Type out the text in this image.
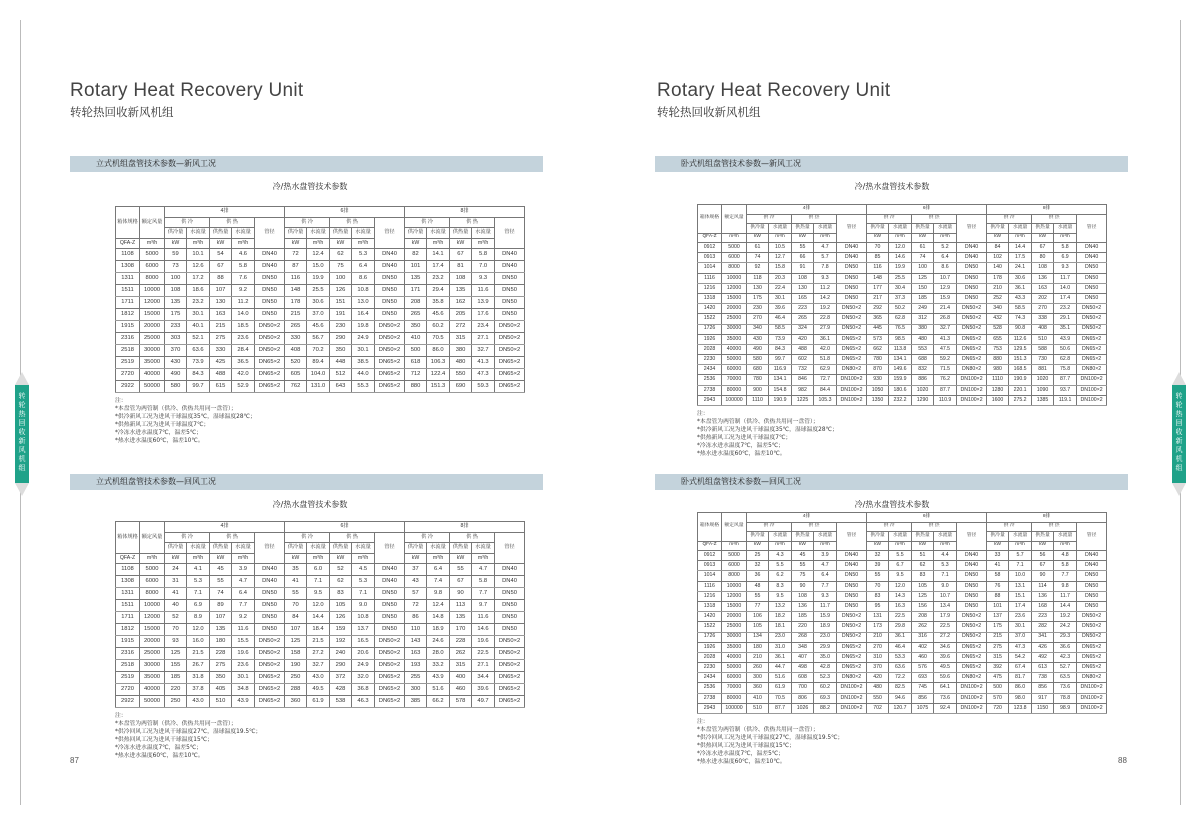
转
轮
热
回
收
新
风
机
组
Rotary Heat Recovery Unit
转轮热回收新风机组
87
立式机组盘管技术参数—新风工况
冷/热水盘管技术参数
箱体规格	额定风量	4排					6排					8排				
		供 冷		供 热		管径	供 冷		供 热		管径	供 冷		供 热		管径
		供冷量	水流量	供热量	水流量		供冷量	水流量	供热量	水流量		供冷量	水流量	供热量	水流量	
QFA-Z	m³/h	kW	m³/h	kW	m³/h		kW	m³/h	kW	m³/h		kW	m³/h	kW	m³/h	
1108	5000	59	10.1	54	4.6	DN40	72	12.4	62	5.3	DN40	82	14.1	67	5.8	DN40
1308	6000	73	12.6	67	5.8	DN40	87	15.0	75	6.4	DN40	101	17.4	81	7.0	DN40
1311	8000	100	17.2	88	7.6	DN50	116	19.9	100	8.6	DN50	135	23.2	108	9.3	DN50
1511	10000	108	18.6	107	9.2	DN50	148	25.5	126	10.8	DN50	171	29.4	135	11.6	DN50
1711	12000	135	23.2	130	11.2	DN50	178	30.6	151	13.0	DN50	208	35.8	162	13.9	DN50
1812	15000	175	30.1	163	14.0	DN50	215	37.0	191	16.4	DN50	265	45.6	205	17.6	DN50
1915	20000	233	40.1	215	18.5	DN50×2	265	45.6	230	19.8	DN50×2	350	60.2	272	23.4	DN50×2
2316	25000	303	52.1	275	23.6	DN50×2	330	56.7	290	24.9	DN50×2	410	70.5	315	27.1	DN50×2
2518	30000	370	63.6	330	28.4	DN50×2	408	70.2	350	30.1	DN50×2	500	86.0	380	32.7	DN50×2
2519	35000	430	73.9	425	36.5	DN65×2	520	89.4	448	38.5	DN65×2	618	106.3	480	41.3	DN65×2
2720	40000	490	84.3	488	42.0	DN65×2	605	104.0	512	44.0	DN65×2	712	122.4	550	47.3	DN65×2
2922	50000	580	99.7	615	52.9	DN65×2	762	131.0	643	55.3	DN65×2	880	151.3	690	59.3	DN65×2
注：
*本盘管为两管制（供冷、供热共用同一盘管）；
*供冷新风工况为进风干球温度35℃，湿球温度28℃；
*供热新风工况为进风干球温度7℃；
*冷冻水进水温度7℃，温差5℃；
*热水进水温度60℃，温差10℃。
立式机组盘管技术参数—回风工况
冷/热水盘管技术参数
箱体规格	额定风量	4排					6排					8排				
		供 冷		供 热		管径	供 冷		供 热		管径	供 冷		供 热		管径
		供冷量	水流量	供热量	水流量		供冷量	水流量	供热量	水流量		供冷量	水流量	供热量	水流量	
QFA-Z	m³/h	kW	m³/h	kW	m³/h		kW	m³/h	kW	m³/h		kW	m³/h	kW	m³/h	
1108	5000	24	4.1	45	3.9	DN40	35	6.0	52	4.5	DN40	37	6.4	55	4.7	DN40
1308	6000	31	5.3	55	4.7	DN40	41	7.1	62	5.3	DN40	43	7.4	67	5.8	DN40
1311	8000	41	7.1	74	6.4	DN50	55	9.5	83	7.1	DN50	57	9.8	90	7.7	DN50
1511	10000	40	6.9	89	7.7	DN50	70	12.0	105	9.0	DN50	72	12.4	113	9.7	DN50
1711	12000	52	8.9	107	9.2	DN50	84	14.4	126	10.8	DN50	86	14.8	135	11.6	DN50
1812	15000	70	12.0	135	11.6	DN50	107	18.4	159	13.7	DN50	110	18.9	170	14.6	DN50
1915	20000	93	16.0	180	15.5	DN50×2	125	21.5	192	16.5	DN50×2	143	24.6	228	19.6	DN50×2
2316	25000	125	21.5	228	19.6	DN50×2	158	27.2	240	20.6	DN50×2	163	28.0	262	22.5	DN50×2
2518	30000	155	26.7	275	23.6	DN50×2	190	32.7	290	24.9	DN50×2	193	33.2	315	27.1	DN50×2
2519	35000	185	31.8	350	30.1	DN65×2	250	43.0	372	32.0	DN65×2	255	43.9	400	34.4	DN65×2
2720	40000	220	37.8	405	34.8	DN65×2	288	49.5	428	36.8	DN65×2	300	51.6	460	39.6	DN65×2
2922	50000	250	43.0	510	43.9	DN65×2	360	61.9	538	46.3	DN65×2	385	66.2	578	49.7	DN65×2
注：
*本盘管为两管制（供冷、供热共用同一盘管）；
*供冷回风工况为进风干球温度27℃，湿球温度19.5℃；
*供热回风工况为进风干球温度15℃；
*冷冻水进水温度7℃，温差5℃；
*热水进水温度60℃，温差10℃。
转
轮
热
回
收
新
风
机
组
Rotary Heat Recovery Unit
转轮热回收新风机组
88
卧式机组盘管技术参数—新风工况
冷/热水盘管技术参数
箱体规格	额定风量	4排					6排					8排				
		供 冷		供 热		管径	供 冷		供 热		管径	供 冷		供 热		管径
		供冷量	水流量	供热量	水流量		供冷量	水流量	供热量	水流量		供冷量	水流量	供热量	水流量	
QFA-Z	m³/h	kW	m³/h	kW	m³/h		kW	m³/h	kW	m³/h		kW	m³/h	kW	m³/h	
0912	5000	61	10.5	55	4.7	DN40	70	12.0	61	5.2	DN40	84	14.4	67	5.8	DN40
0913	6000	74	12.7	66	5.7	DN40	85	14.6	74	6.4	DN40	102	17.5	80	6.9	DN40
1014	8000	92	15.8	91	7.8	DN50	116	19.9	100	8.6	DN50	140	24.1	108	9.3	DN50
1116	10000	118	20.3	108	9.3	DN50	148	25.5	125	10.7	DN50	178	30.6	136	11.7	DN50
1216	12000	130	22.4	130	11.2	DN50	177	30.4	150	12.9	DN50	210	36.1	163	14.0	DN50
1318	15000	175	30.1	165	14.2	DN50	217	37.3	185	15.9	DN50	252	43.3	202	17.4	DN50
1420	20000	230	39.6	223	19.2	DN50×2	292	50.2	249	21.4	DN50×2	340	58.5	270	23.2	DN50×2
1522	25000	270	46.4	265	22.8	DN50×2	365	62.8	312	26.8	DN50×2	432	74.3	338	29.1	DN50×2
1726	30000	340	58.5	324	27.9	DN50×2	445	76.5	380	32.7	DN50×2	528	90.8	408	35.1	DN50×2
1926	35000	430	73.9	420	36.1	DN65×2	573	98.5	480	41.3	DN65×2	655	112.6	510	43.9	DN65×2
2028	40000	490	84.3	488	42.0	DN65×2	662	113.8	553	47.5	DN65×2	753	129.5	588	50.6	DN65×2
2230	50000	580	99.7	602	51.8	DN65×2	780	134.1	688	59.2	DN65×2	880	151.3	730	62.8	DN65×2
2434	60000	680	116.9	732	62.9	DN80×2	870	149.6	832	71.5	DN80×2	980	168.5	881	75.8	DN80×2
2536	70000	780	134.1	846	72.7	DN100×2	930	159.9	886	76.2	DN100×2	1110	190.9	1020	87.7	DN100×2
2738	80000	900	154.8	982	84.4	DN100×2	1050	180.6	1020	87.7	DN100×2	1280	220.1	1090	93.7	DN100×2
2943	100000	1110	190.9	1225	105.3	DN100×2	1350	232.2	1290	110.9	DN100×2	1600	275.2	1385	119.1	DN100×2
注：
*本盘管为两管制（供冷、供热共用同一盘管）；
*供冷新风工况为进风干球温度35℃，湿球温度28℃；
*供热新风工况为进风干球温度7℃；
*冷冻水进水温度7℃，温差5℃；
*热水进水温度60℃，温差10℃。
卧式机组盘管技术参数—回风工况
冷/热水盘管技术参数
箱体规格	额定风量	4排					6排					8排				
		供 冷		供 热		管径	供 冷		供 热		管径	供 冷		供 热		管径
		供冷量	水流量	供热量	水流量		供冷量	水流量	供热量	水流量		供冷量	水流量	供热量	水流量	
QFA-Z	m³/h	kW	m³/h	kW	m³/h		kW	m³/h	kW	m³/h		kW	m³/h	kW	m³/h	
0912	5000	25	4.3	45	3.9	DN40	32	5.5	51	4.4	DN40	33	5.7	56	4.8	DN40
0913	6000	32	5.5	55	4.7	DN40	39	6.7	62	5.3	DN40	41	7.1	67	5.8	DN40
1014	8000	36	6.2	75	6.4	DN50	55	9.5	83	7.1	DN50	58	10.0	90	7.7	DN50
1116	10000	48	8.3	90	7.7	DN50	70	12.0	105	9.0	DN50	76	13.1	114	9.8	DN50
1216	12000	55	9.5	108	9.3	DN50	83	14.3	125	10.7	DN50	88	15.1	136	11.7	DN50
1318	15000	77	13.2	136	11.7	DN50	95	16.3	156	13.4	DN50	101	17.4	168	14.4	DN50
1420	20000	106	18.2	185	15.9	DN50×2	131	22.5	208	17.9	DN50×2	137	23.6	223	19.2	DN50×2
1522	25000	105	18.1	220	18.9	DN50×2	173	29.8	262	22.5	DN50×2	175	30.1	282	24.2	DN50×2
1726	30000	134	23.0	268	23.0	DN50×2	210	36.1	316	27.2	DN50×2	215	37.0	341	29.3	DN50×2
1926	35000	180	31.0	348	29.9	DN65×2	270	46.4	402	34.6	DN65×2	275	47.3	426	36.6	DN65×2
2028	40000	210	36.1	407	35.0	DN65×2	310	53.3	460	39.6	DN65×2	315	54.2	492	42.3	DN65×2
2230	50000	260	44.7	498	42.8	DN65×2	370	63.6	576	49.5	DN65×2	392	67.4	613	52.7	DN65×2
2434	60000	300	51.6	608	52.3	DN80×2	420	72.2	693	59.6	DN80×2	475	81.7	738	63.5	DN80×2
2536	70000	360	61.9	700	60.2	DN100×2	480	82.5	745	64.1	DN100×2	500	86.0	856	73.6	DN100×2
2738	80000	410	70.5	806	69.3	DN100×2	550	94.6	856	73.6	DN100×2	570	98.0	917	78.8	DN100×2
2943	100000	510	87.7	1026	88.2	DN100×2	702	120.7	1075	92.4	DN100×2	720	123.8	1150	98.9	DN100×2
注：
*本盘管为两管制（供冷、供热共用同一盘管）；
*供冷回风工况为进风干球温度27℃，湿球温度19.5℃；
*供热回风工况为进风干球温度15℃；
*冷冻水进水温度7℃，温差5℃；
*热水进水温度60℃，温差10℃。
